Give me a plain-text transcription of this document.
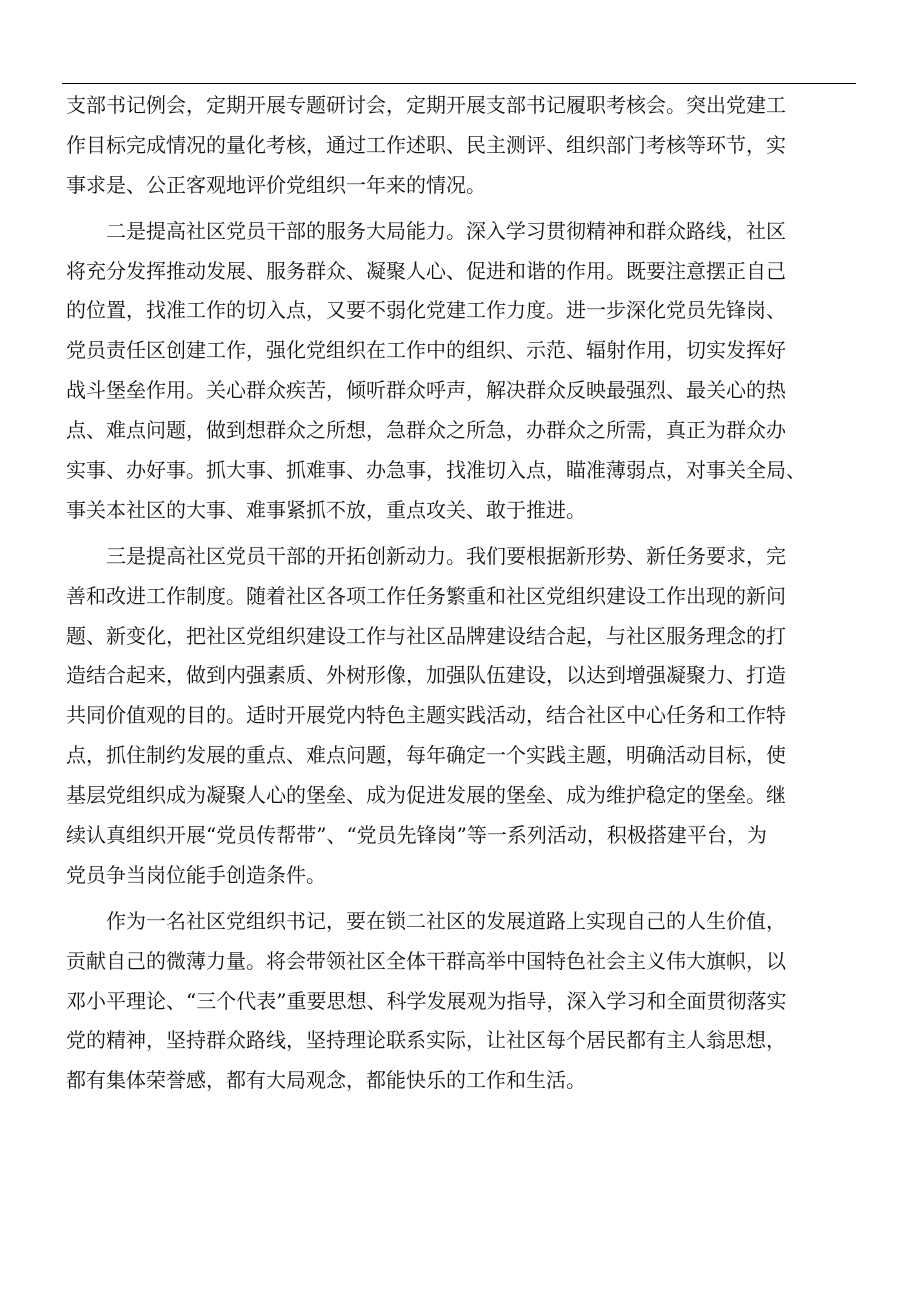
支部书记例会，定期开展专题研讨会，定期开展支部书记履职考核会。突出党建工
作目标完成情况的量化考核，通过工作述职、民主测评、组织部门考核等环节，实
事求是、公正客观地评价党组织一年来的情况。
二是提高社区党员干部的服务大局能力。深入学习贯彻精神和群众路线，社区
将充分发挥推动发展、服务群众、凝聚人心、促进和谐的作用。既要注意摆正自己
的位置，找准工作的切入点，又要不弱化党建工作力度。进一步深化党员先锋岗、
党员责任区创建工作，强化党组织在工作中的组织、示范、辐射作用，切实发挥好
战斗堡垒作用。关心群众疾苦，倾听群众呼声，解决群众反映最强烈、最关心的热
点、难点问题，做到想群众之所想，急群众之所急，办群众之所需，真正为群众办
实事、办好事。抓大事、抓难事、办急事，找准切入点，瞄准薄弱点，对事关全局、
事关本社区的大事、难事紧抓不放，重点攻关、敢于推进。
三是提高社区党员干部的开拓创新动力。我们要根据新形势、新任务要求，完
善和改进工作制度。随着社区各项工作任务繁重和社区党组织建设工作出现的新问
题、新变化，把社区党组织建设工作与社区品牌建设结合起，与社区服务理念的打
造结合起来，做到内强素质、外树形像，加强队伍建设，以达到增强凝聚力、打造
共同价值观的目的。适时开展党内特色主题实践活动，结合社区中心任务和工作特
点，抓住制约发展的重点、难点问题，每年确定一个实践主题，明确活动目标，使
基层党组织成为凝聚人心的堡垒、成为促进发展的堡垒、成为维护稳定的堡垒。继
续认真组织开展“党员传帮带”、“党员先锋岗”等一系列活动，积极搭建平台，为
党员争当岗位能手创造条件。
作为一名社区党组织书记，要在锁二社区的发展道路上实现自己的人生价值，
贡献自己的微薄力量。将会带领社区全体干群高举中国特色社会主义伟大旗帜，以
邓小平理论、“三个代表”重要思想、科学发展观为指导，深入学习和全面贯彻落实
党的精神，坚持群众路线，坚持理论联系实际，让社区每个居民都有主人翁思想，
都有集体荣誉感，都有大局观念，都能快乐的工作和生活。
